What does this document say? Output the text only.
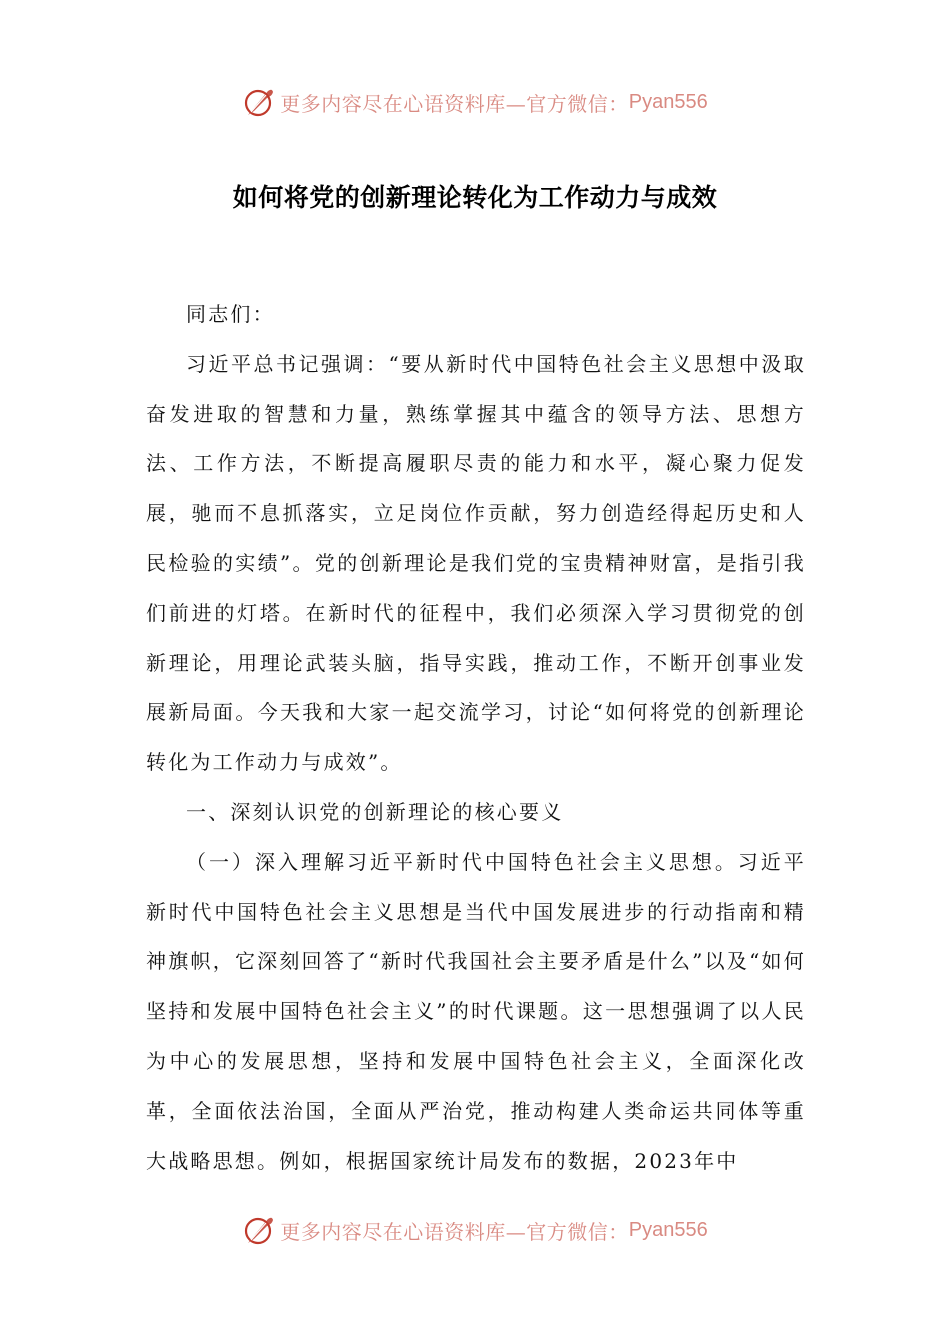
更多内容尽在心语资料库—官方微信： Pyan556
如何将党的创新理论转化为工作动力与成效

同志们：

习近平总书记强调：“要从新时代中国特色社会主义思想中汲取奋发进取的智慧和力量，熟练掌握其中蕴含的领导方法、思想方法、工作方法，不断提高履职尽责的能力和水平，凝心聚力促发展，驰而不息抓落实，立足岗位作贡献，努力创造经得起历史和人民检验的实绩”。党的创新理论是我们党的宝贵精神财富，是指引我们前进的灯塔。在新时代的征程中，我们必须深入学习贯彻党的创新理论，用理论武装头脑，指导实践，推动工作，不断开创事业发展新局面。今天我和大家一起交流学习，讨论“如何将党的创新理论转化为工作动力与成效”。

一、深刻认识党的创新理论的核心要义

（一）深入理解习近平新时代中国特色社会主义思想。习近平新时代中国特色社会主义思想是当代中国发展进步的行动指南和精神旗帜，它深刻回答了“新时代我国社会主要矛盾是什么”以及“如何坚持和发展中国特色社会主义”的时代课题。这一思想强调了以人民为中心的发展思想，坚持和发展中国特色社会主义，全面深化改革，全面依法治国，全面从严治党，推动构建人类命运共同体等重大战略思想。例如，根据国家统计局发布的数据，2023年中

更多内容尽在心语资料库—官方微信： Pyan556
